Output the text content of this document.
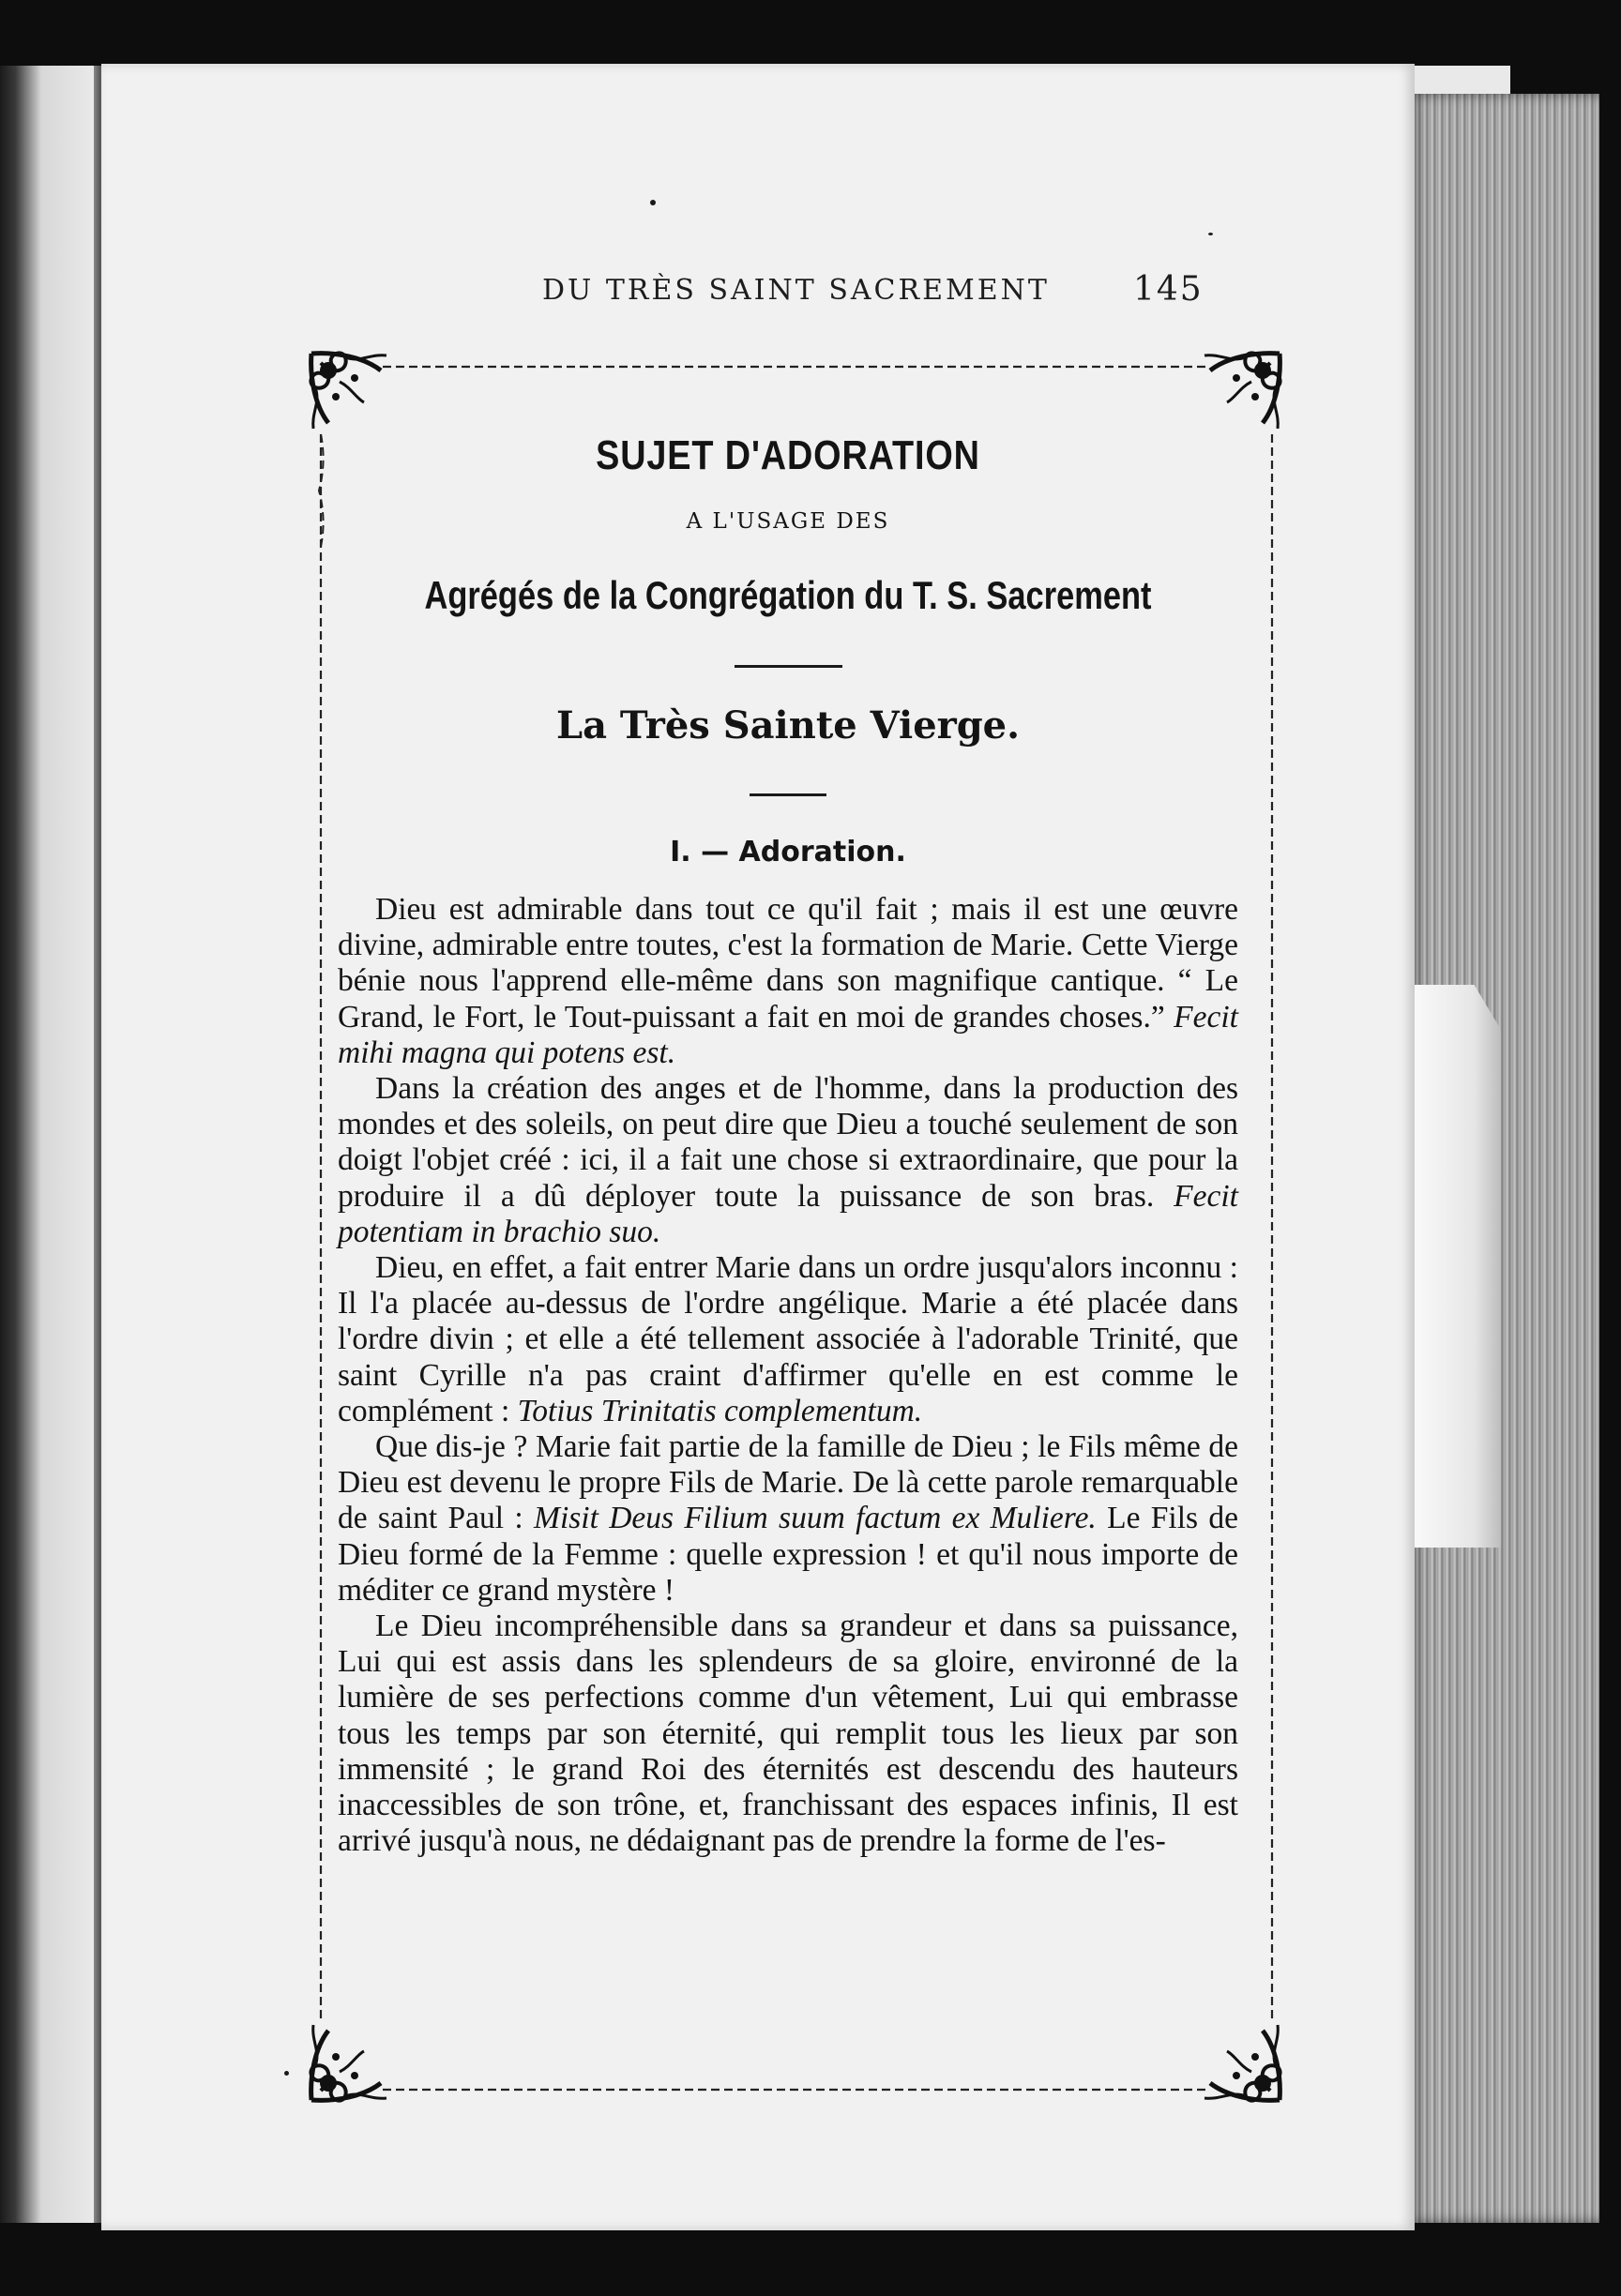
DU TRÈS SAINT SACREMENT 145
SUJET D'ADORATION
A L'USAGE DES
Agrégés de la Congrégation du T. S. Sacrement
La Très Sainte Vierge.
I. — Adoration.

Dieu est admirable dans tout ce qu'il fait ; mais il est une œuvre divine, admirable entre toutes, c'est la formation de Marie. Cette Vierge bénie nous l'apprend elle-même dans son magnifique cantique. “ Le Grand, le Fort, le Tout-puissant a fait en moi de grandes choses.” Fecit mihi magna qui potens est.

Dans la création des anges et de l'homme, dans la production des mondes et des soleils, on peut dire que Dieu a touché seulement de son doigt l'objet créé : ici, il a fait une chose si extraordinaire, que pour la produire il a dû déployer toute la puissance de son bras. Fecit potentiam in brachio suo.

Dieu, en effet, a fait entrer Marie dans un ordre jusqu'alors inconnu : Il l'a placée au-dessus de l'ordre angélique. Marie a été placée dans l'ordre divin ; et elle a été tellement associée à l'adorable Trinité, que saint Cyrille n'a pas craint d'affirmer qu'elle en est comme le complément : Totius Trinitatis complementum.

Que dis-je ? Marie fait partie de la famille de Dieu ; le Fils même de Dieu est devenu le propre Fils de Marie. De là cette parole remarquable de saint Paul : Misit Deus Filium suum factum ex Muliere. Le Fils de Dieu formé de la Femme : quelle expression ! et qu'il nous importe de méditer ce grand mystère !

Le Dieu incompréhensible dans sa grandeur et dans sa puissance, Lui qui est assis dans les splendeurs de sa gloire, environné de la lumière de ses perfections comme d'un vêtement, Lui qui embrasse tous les temps par son éternité, qui remplit tous les lieux par son immensité ; le grand Roi des éternités est descendu des hauteurs inaccessibles de son trône, et, franchissant des espaces infinis, Il est arrivé jusqu'à nous, ne dédaignant pas de prendre la forme de l'es-
